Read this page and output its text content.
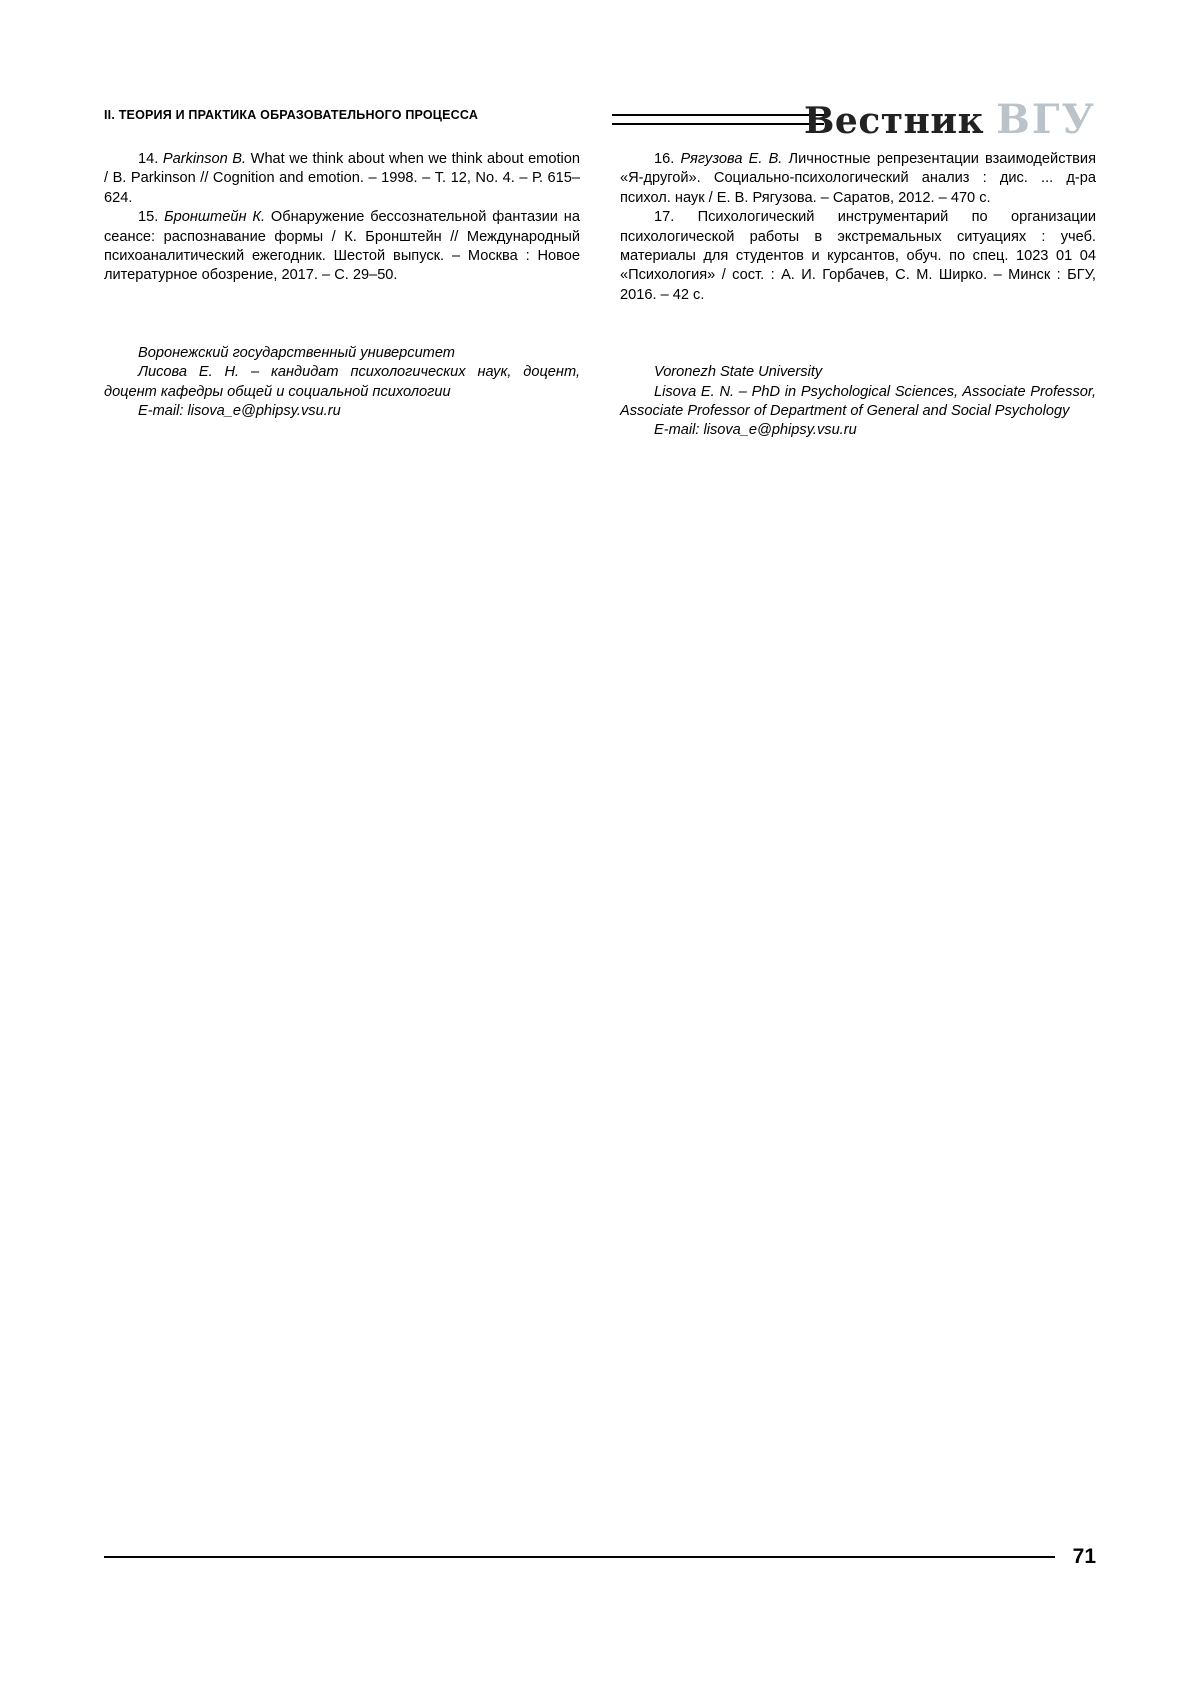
II. ТЕОРИЯ И ПРАКТИКА ОБРАЗОВАТЕЛЬНОГО ПРОЦЕССА	Вестник ВГУ

14. Parkinson B. What we think about when we think about emotion / B. Parkinson // Cognition and emotion. – 1998. – Т. 12, No. 4. – Р. 615–624.

15. Бронштейн К. Обнаружение бессознательной фантазии на сеансе: распознавание формы / К. Бронштейн // Международный психоаналитический ежегодник. Шестой выпуск. – Москва : Новое литературное обозрение, 2017. – С. 29–50.

Воронежский государственный университет

Лисова Е. Н. – кандидат психологических наук, доцент, доцент кафедры общей и социальной психологии

E-mail: lisova_e@phipsy.vsu.ru

16. Рягузова Е. В. Личностные репрезентации взаимодействия «Я-другой». Социально-психологический анализ : дис. ... д-ра психол. наук / Е. В. Рягузова. – Саратов, 2012. – 470 с.

17. Психологический инструментарий по организации психологической работы в экстремальных ситуациях : учеб. материалы для студентов и курсантов, обуч. по спец. 1023 01 04 «Психология» / сост. : А. И. Горбачев, С. М. Ширко. – Минск : БГУ, 2016. – 42 с.

Voronezh State University

Lisova E. N. – PhD in Psychological Sciences, Associate Professor, Associate Professor of Department of General and Social Psychology

E-mail: lisova_e@phipsy.vsu.ru

71
